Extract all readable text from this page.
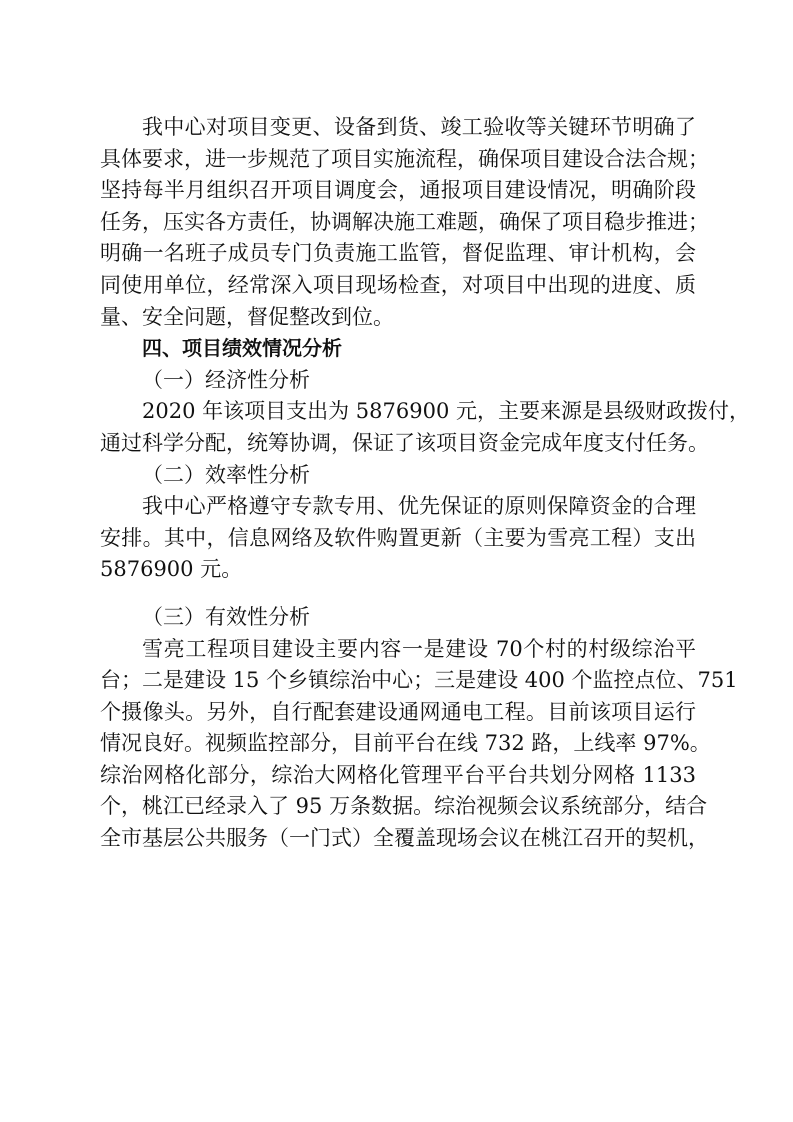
我中心对项目变更、设备到货、竣工验收等关键环节明确了
具体要求，进一步规范了项目实施流程，确保项目建设合法合规；
坚持每半月组织召开项目调度会，通报项目建设情况，明确阶段
任务，压实各方责任，协调解决施工难题，确保了项目稳步推进；
明确一名班子成员专门负责施工监管，督促监理、审计机构，会
同使用单位，经常深入项目现场检查，对项目中出现的进度、质
量、安全问题，督促整改到位。
四、项目绩效情况分析
（一）经济性分析
2020 年该项目支出为 5876900 元，主要来源是县级财政拨付，
通过科学分配，统筹协调，保证了该项目资金完成年度支付任务。
（二）效率性分析
我中心严格遵守专款专用、优先保证的原则保障资金的合理
安排。其中，信息网络及软件购置更新（主要为雪亮工程）支出
5876900 元。
（三）有效性分析
雪亮工程项目建设主要内容一是建设 70个村的村级综治平
台；二是建设 15 个乡镇综治中心；三是建设 400 个监控点位、751
个摄像头。另外，自行配套建设通网通电工程。目前该项目运行
情况良好。视频监控部分，目前平台在线 732 路，上线率 97%。
综治网格化部分，综治大网格化管理平台平台共划分网格 1133
个，桃江已经录入了 95 万条数据。综治视频会议系统部分，结合
全市基层公共服务（一门式）全覆盖现场会议在桃江召开的契机，
